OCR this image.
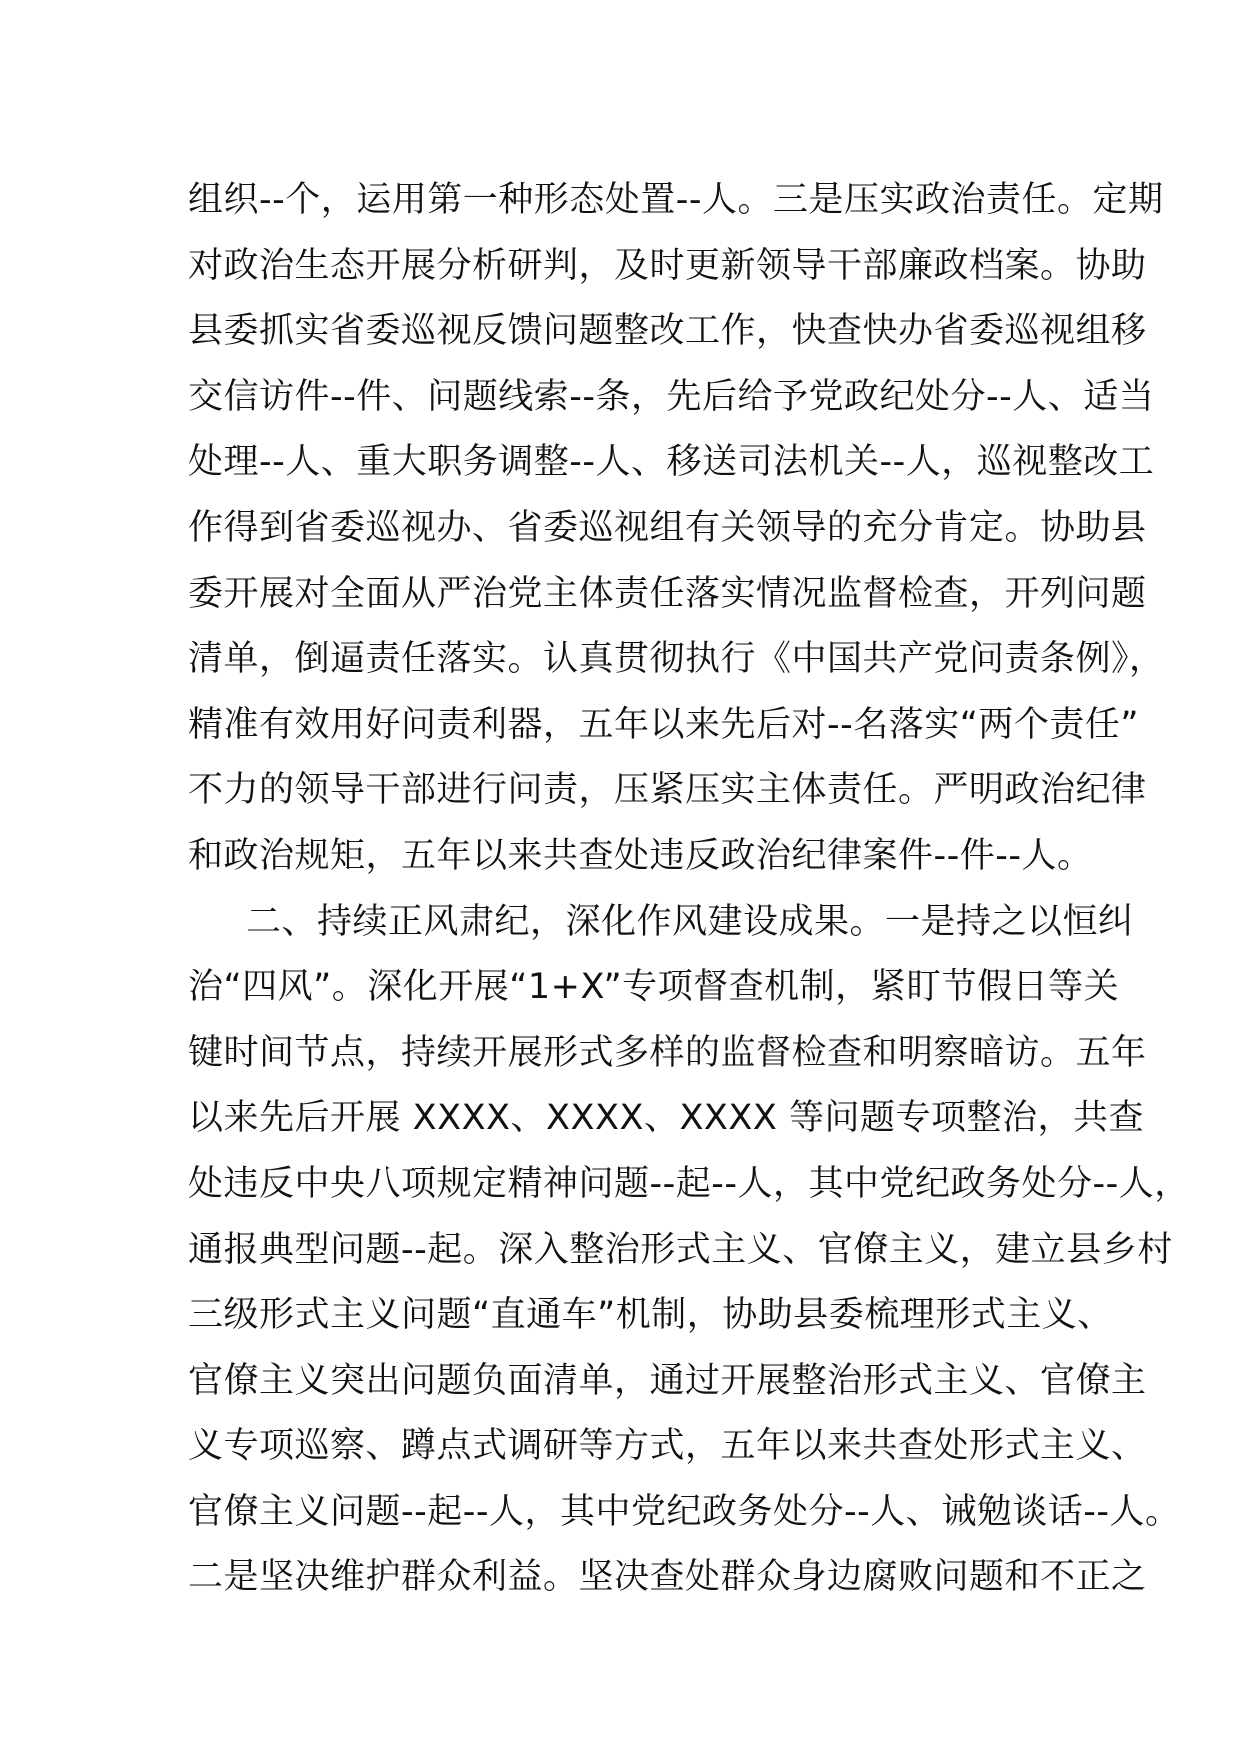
组织--个，运用第一种形态处置--人。三是压实政治责任。定期
对政治生态开展分析研判，及时更新领导干部廉政档案。协助
县委抓实省委巡视反馈问题整改工作，快查快办省委巡视组移
交信访件--件、问题线索--条，先后给予党政纪处分--人、适当
处理--人、重大职务调整--人、移送司法机关--人，巡视整改工
作得到省委巡视办、省委巡视组有关领导的充分肯定。协助县
委开展对全面从严治党主体责任落实情况监督检查，开列问题
清单，倒逼责任落实。认真贯彻执行《中国共产党问责条例》，
精准有效用好问责利器，五年以来先后对--名落实“两个责任”
不力的领导干部进行问责，压紧压实主体责任。严明政治纪律
和政治规矩，五年以来共查处违反政治纪律案件--件--人。
二、持续正风肃纪，深化作风建设成果。一是持之以恒纠
治“四风”。深化开展“1+X”专项督查机制，紧盯节假日等关
键时间节点，持续开展形式多样的监督检查和明察暗访。五年
以来先后开展 XXXX、XXXX、XXXX 等问题专项整治，共查
处违反中央八项规定精神问题--起--人，其中党纪政务处分--人，
通报典型问题--起。深入整治形式主义、官僚主义，建立县乡村
三级形式主义问题“直通车”机制，协助县委梳理形式主义、
官僚主义突出问题负面清单，通过开展整治形式主义、官僚主
义专项巡察、蹲点式调研等方式，五年以来共查处形式主义、
官僚主义问题--起--人，其中党纪政务处分--人、诫勉谈话--人。
二是坚决维护群众利益。坚决查处群众身边腐败问题和不正之
